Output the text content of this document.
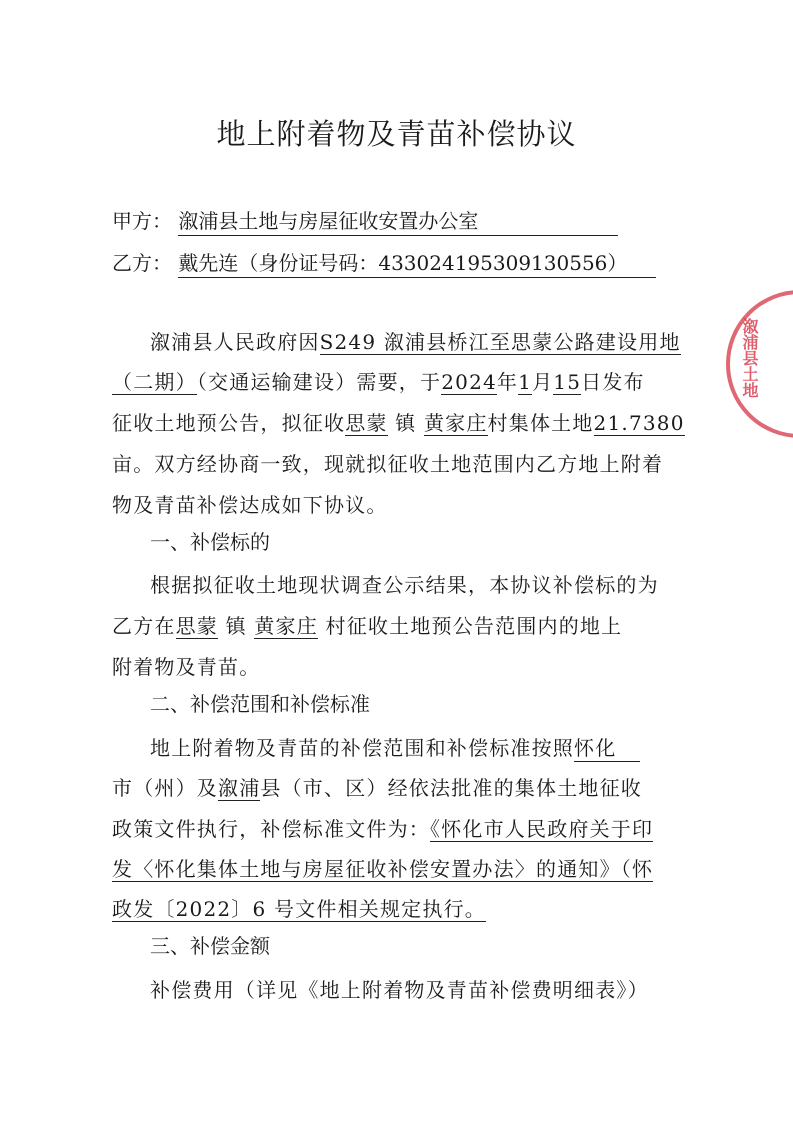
地上附着物及青苗补偿协议
甲方： 溆浦县土地与房屋征收安置办公室
乙方： 戴先连（身份证号码：433024195309130556）
溆浦县人民政府因S249 溆浦县桥江至思蒙公路建设用地
（二期）（交通运输建设）需要，于2024年1月15日发布
征收土地预公告，拟征收思蒙 镇 黄家庄村集体土地21.7380
亩。双方经协商一致，现就拟征收土地范围内乙方地上附着
物及青苗补偿达成如下协议。
一、补偿标的
根据拟征收土地现状调查公示结果，本协议补偿标的为
乙方在思蒙 镇 黄家庄 村征收土地预公告范围内的地上
附着物及青苗。
二、补偿范围和补偿标准
地上附着物及青苗的补偿范围和补偿标准按照怀化
市（州）及溆浦县（市、区）经依法批准的集体土地征收
政策文件执行，补偿标准文件为：《怀化市人民政府关于印
发〈怀化集体土地与房屋征收补偿安置办法〉的通知》（怀
政发〔2022〕6 号文件相关规定执行。
三、补偿金额
补偿费用（详见《地上附着物及青苗补偿费明细表》）
溆浦县土地
